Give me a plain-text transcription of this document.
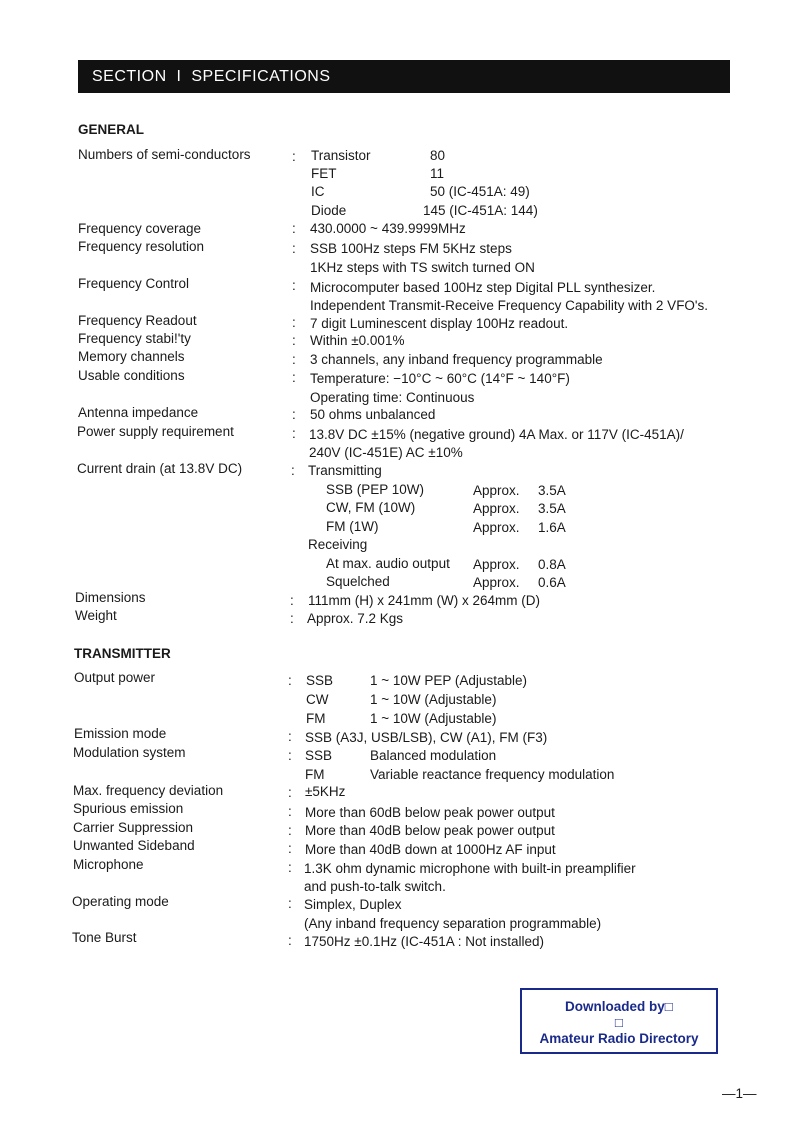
SECTION  I  SPECIFICATIONS
GENERAL
Numbers of semi-conductors	: Transistor	80
FET	11
IC	50 (IC-451A: 49)
Diode	145 (IC-451A: 144)
Frequency coverage	: 430.0000 ~ 439.9999MHz
Frequency resolution	: SSB 100Hz steps FM 5KHz steps
1KHz steps with TS switch turned ON
Frequency Control	: Microcomputer based 100Hz step Digital PLL synthesizer.
Independent Transmit-Receive Frequency Capability with 2 VFO's.
Frequency Readout	: 7 digit Luminescent display 100Hz readout.
Frequency stabi!'ty	: Within ±0.001%
Memory channels	: 3 channels, any inband frequency programmable
Usable conditions	: Temperature: −10°C ~ 60°C (14°F ~ 140°F)
Operating time: Continuous
Antenna impedance	: 50 ohms unbalanced
Power supply requirement	: 13.8V DC ±15% (negative ground) 4A Max. or 117V (IC-451A)/
240V (IC-451E) AC ±10%
Current drain (at 13.8V DC)	: Transmitting
SSB (PEP 10W)	Approx. 3.5A
CW, FM (10W)	Approx. 3.5A
FM (1W)	Approx. 1.6A
Receiving
At max. audio output Approx. 0.8A
Squelched	Approx. 0.6A
Dimensions	: 111mm (H) x 241mm (W) x 264mm (D)
Weight	: Approx. 7.2 Kgs
TRANSMITTER
Output power	: SSB	1 ~ 10W PEP (Adjustable)
CW	1 ~ 10W (Adjustable)
FM	1 ~ 10W (Adjustable)
Emission mode	: SSB (A3J, USB/LSB), CW (A1), FM (F3)
Modulation system	: SSB	Balanced modulation
FM	Variable reactance frequency modulation
Max. frequency deviation	: ±5KHz
Spurious emission	: More than 60dB below peak power output
Carrier Suppression	: More than 40dB below peak power output
Unwanted Sideband	: More than 40dB down at 1000Hz AF input
Microphone	: 1.3K ohm dynamic microphone with built-in preamplifier
and push-to-talk switch.
Operating mode	: Simplex, Duplex
(Any inband frequency separation programmable)
Tone Burst	: 1750Hz ±0.1Hz (IC-451A : Not installed)
Downloaded by□
□
Amateur Radio Directory
—1—
